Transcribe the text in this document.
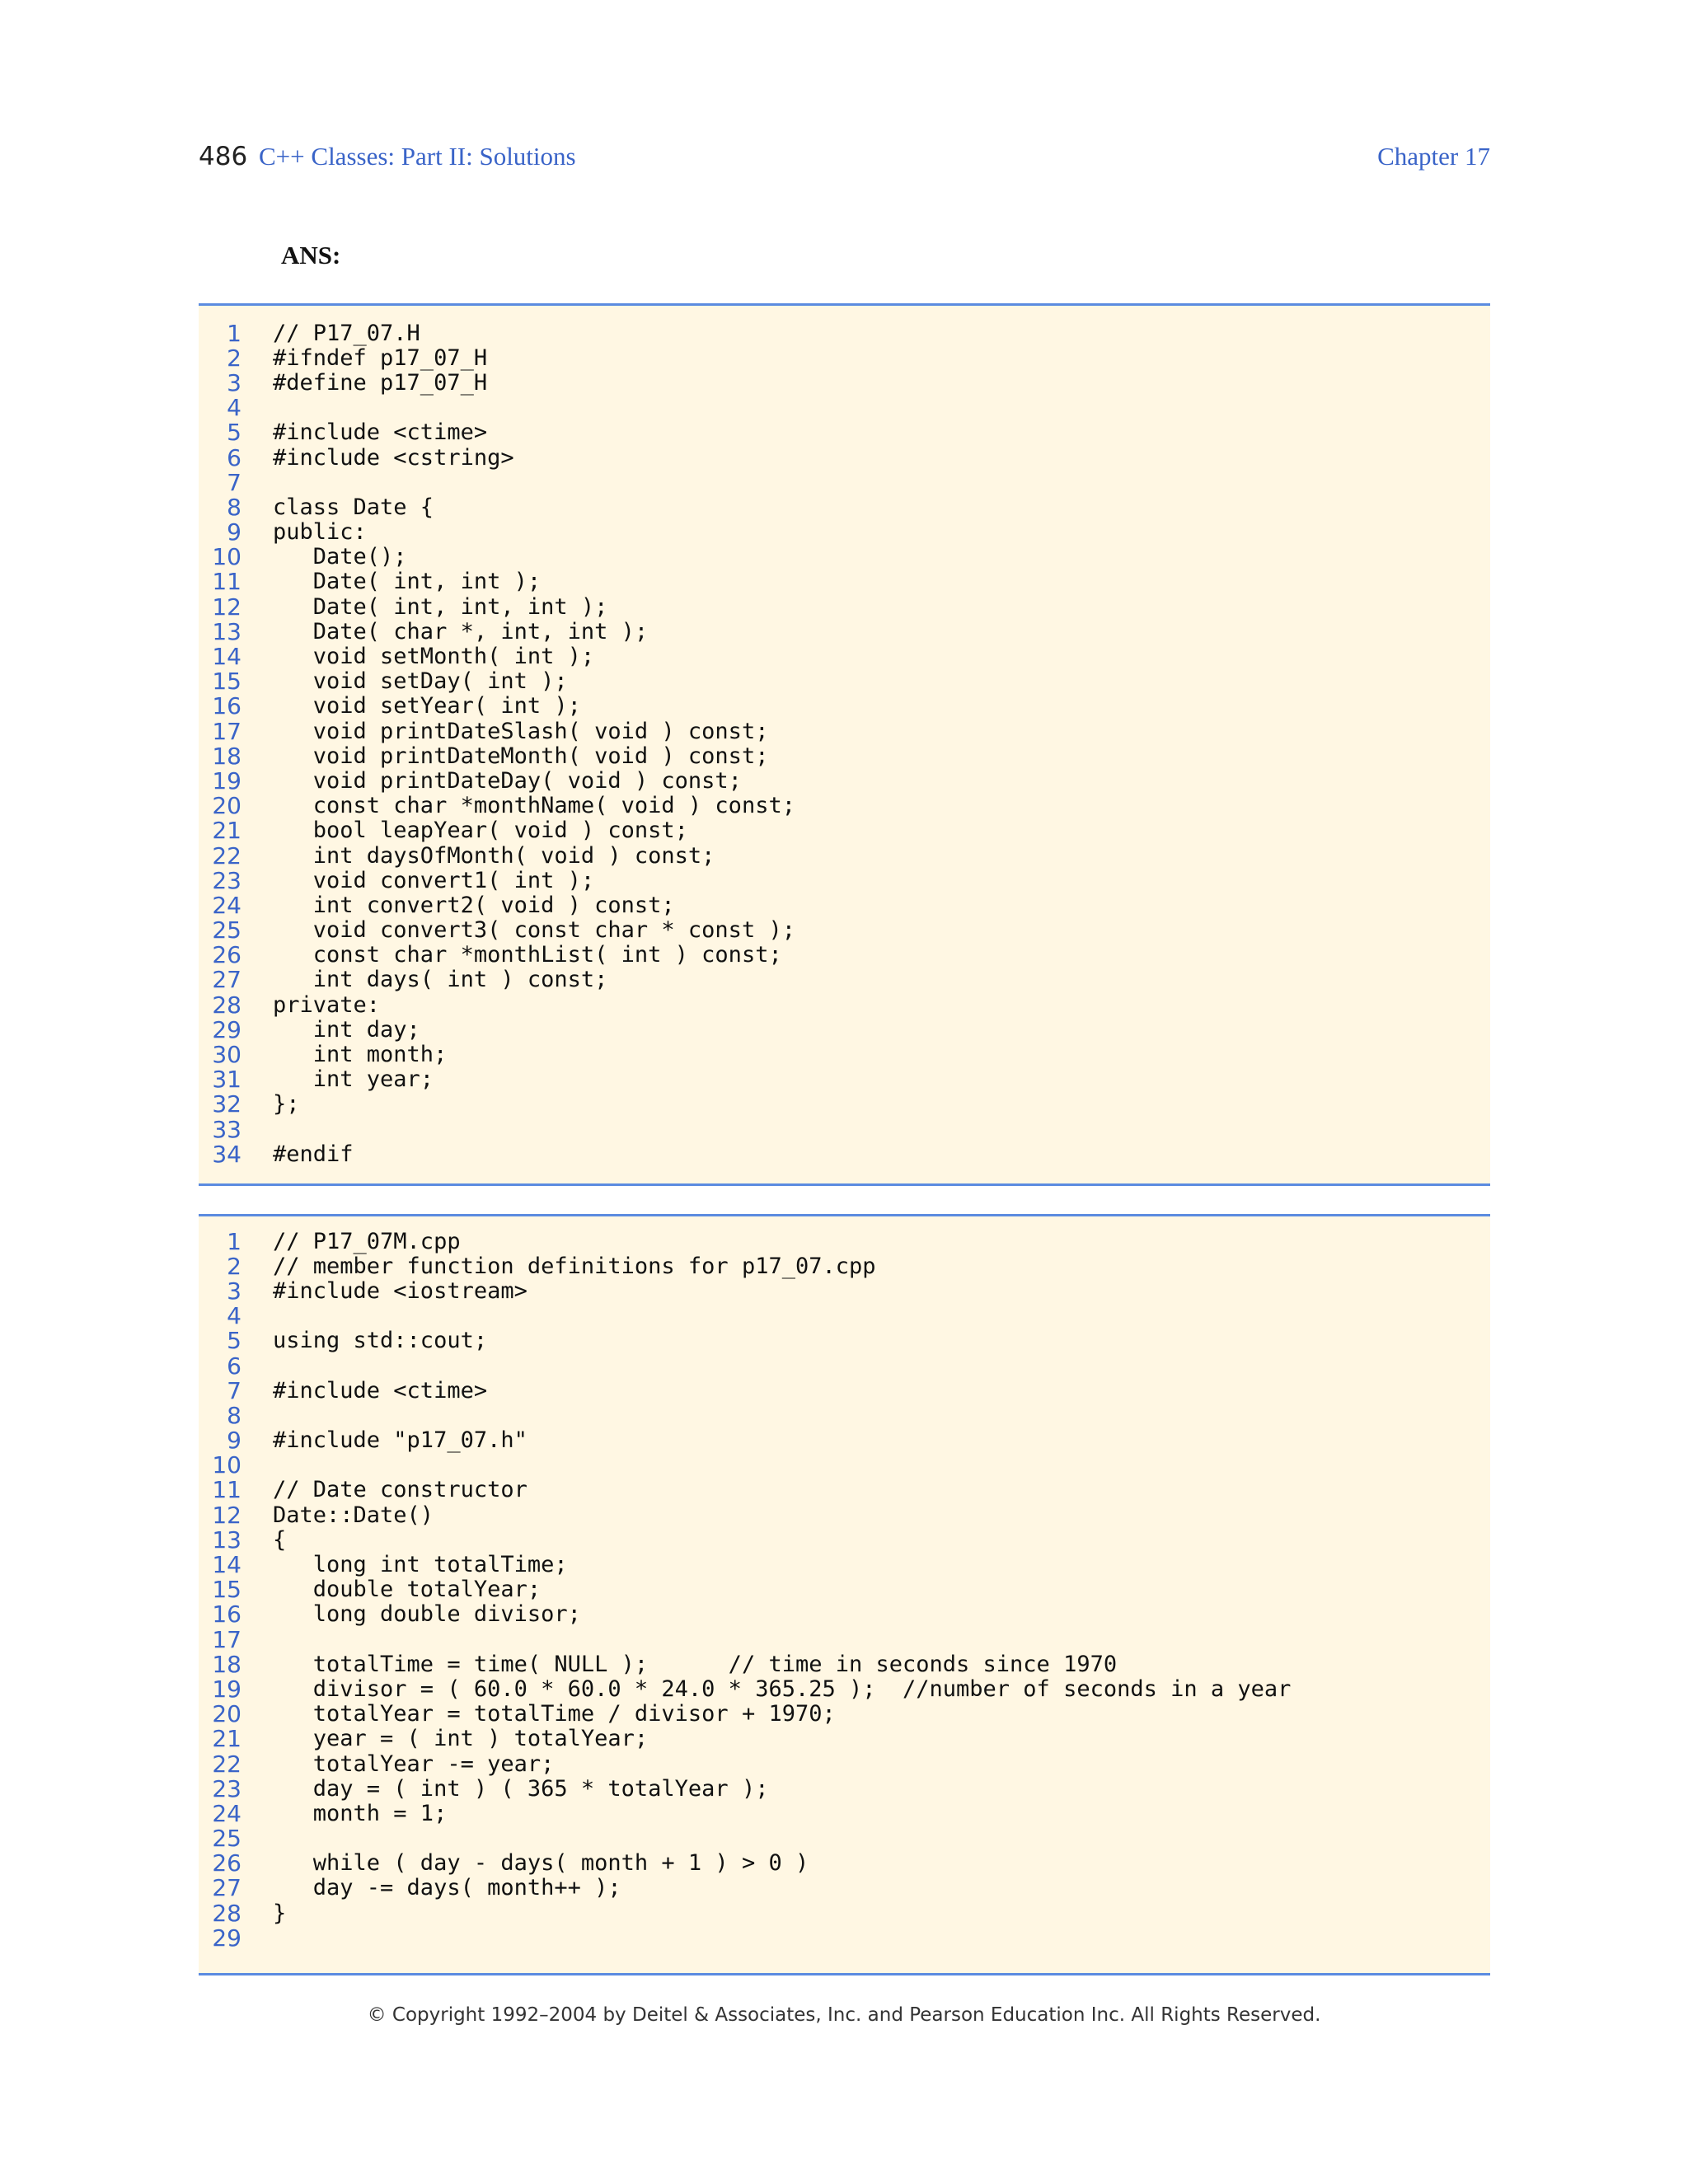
486 C++ Classes: Part II: Solutions	Chapter 17
ANS:
1 // P17_07.H
2 #ifndef p17_07_H
3 #define p17_07_H
4
5 #include <ctime>
6 #include <cstring>
7
8 class Date {
9 public:
10 Date();
11 Date( int, int );
12 Date( int, int, int );
13 Date( char *, int, int );
14 void setMonth( int );
15 void setDay( int );
16 void setYear( int );
17 void printDateSlash( void ) const;
18 void printDateMonth( void ) const;
19 void printDateDay( void ) const;
20 const char *monthName( void ) const;
21 bool leapYear( void ) const;
22 int daysOfMonth( void ) const;
23 void convert1( int );
24 int convert2( void ) const;
25 void convert3( const char * const );
26 const char *monthList( int ) const;
27 int days( int ) const;
28 private:
29 int day;
30 int month;
31 int year;
32 };
33
34 #endif
1 // P17_07M.cpp
2 // member function definitions for p17_07.cpp
3 #include <iostream>
4
5 using std::cout;
6
7 #include <ctime>
8
9 #include "p17_07.h"
10
11 // Date constructor
12 Date::Date()
13 {
14 long int totalTime;
15 double totalYear;
16 long double divisor;
17
18 totalTime = time( NULL );      // time in seconds since 1970
19 divisor = ( 60.0 * 60.0 * 24.0 * 365.25 );  //number of seconds in a year
20 totalYear = totalTime / divisor + 1970;
21 year = ( int ) totalYear;
22 totalYear -= year;
23 day = ( int ) ( 365 * totalYear );
24 month = 1;
25
26 while ( day - days( month + 1 ) > 0 )
27 day -= days( month++ );
28 }
29
© Copyright 1992–2004 by Deitel & Associates, Inc. and Pearson Education Inc. All Rights Reserved.
